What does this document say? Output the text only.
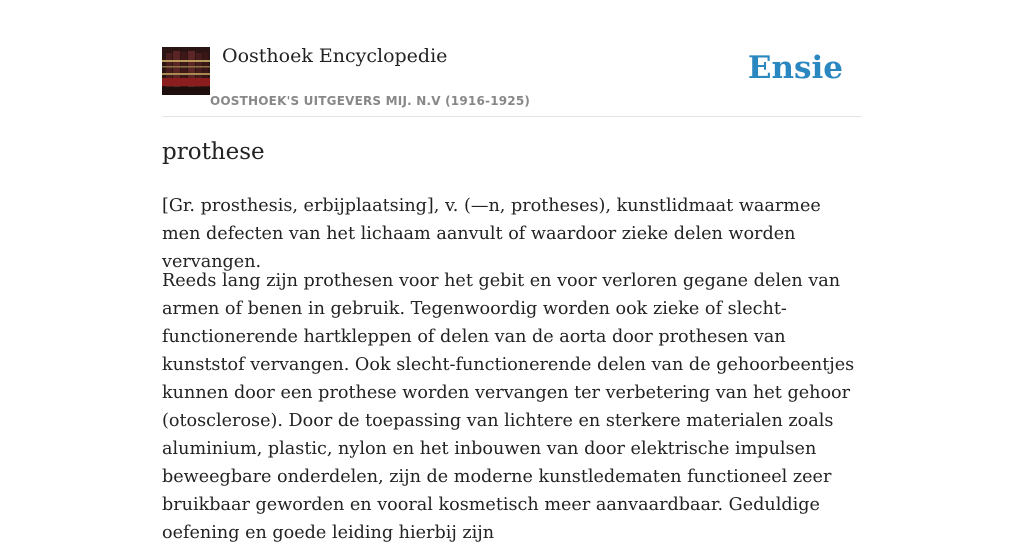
Oosthoek Encyclopedie
OOSTHOEK'S UITGEVERS MIJ. N.V (1916-1925)
Ensie
prothese

[Gr. prosthesis, erbijplaatsing], v. (—n, protheses), kunstlidmaat waarmee men defecten van het lichaam aanvult of waardoor zieke delen worden vervangen.

Reeds lang zijn prothesen voor het gebit en voor verloren gegane delen van armen of benen in gebruik. Tegenwoordig worden ook zieke of slecht-functionerende hartkleppen of delen van de aorta door prothesen van kunststof vervangen. Ook slecht-functionerende delen van de gehoorbeentjes kunnen door een prothese worden vervangen ter verbetering van het gehoor (otosclerose). Door de toepassing van lichtere en sterkere materialen zoals aluminium, plastic, nylon en het inbouwen van door elektrische impulsen beweegbare onderdelen, zijn de moderne kunstledematen functioneel zeer bruikbaar geworden en vooral kosmetisch meer aanvaardbaar. Geduldige oefening en goede leiding hierbij zijn
